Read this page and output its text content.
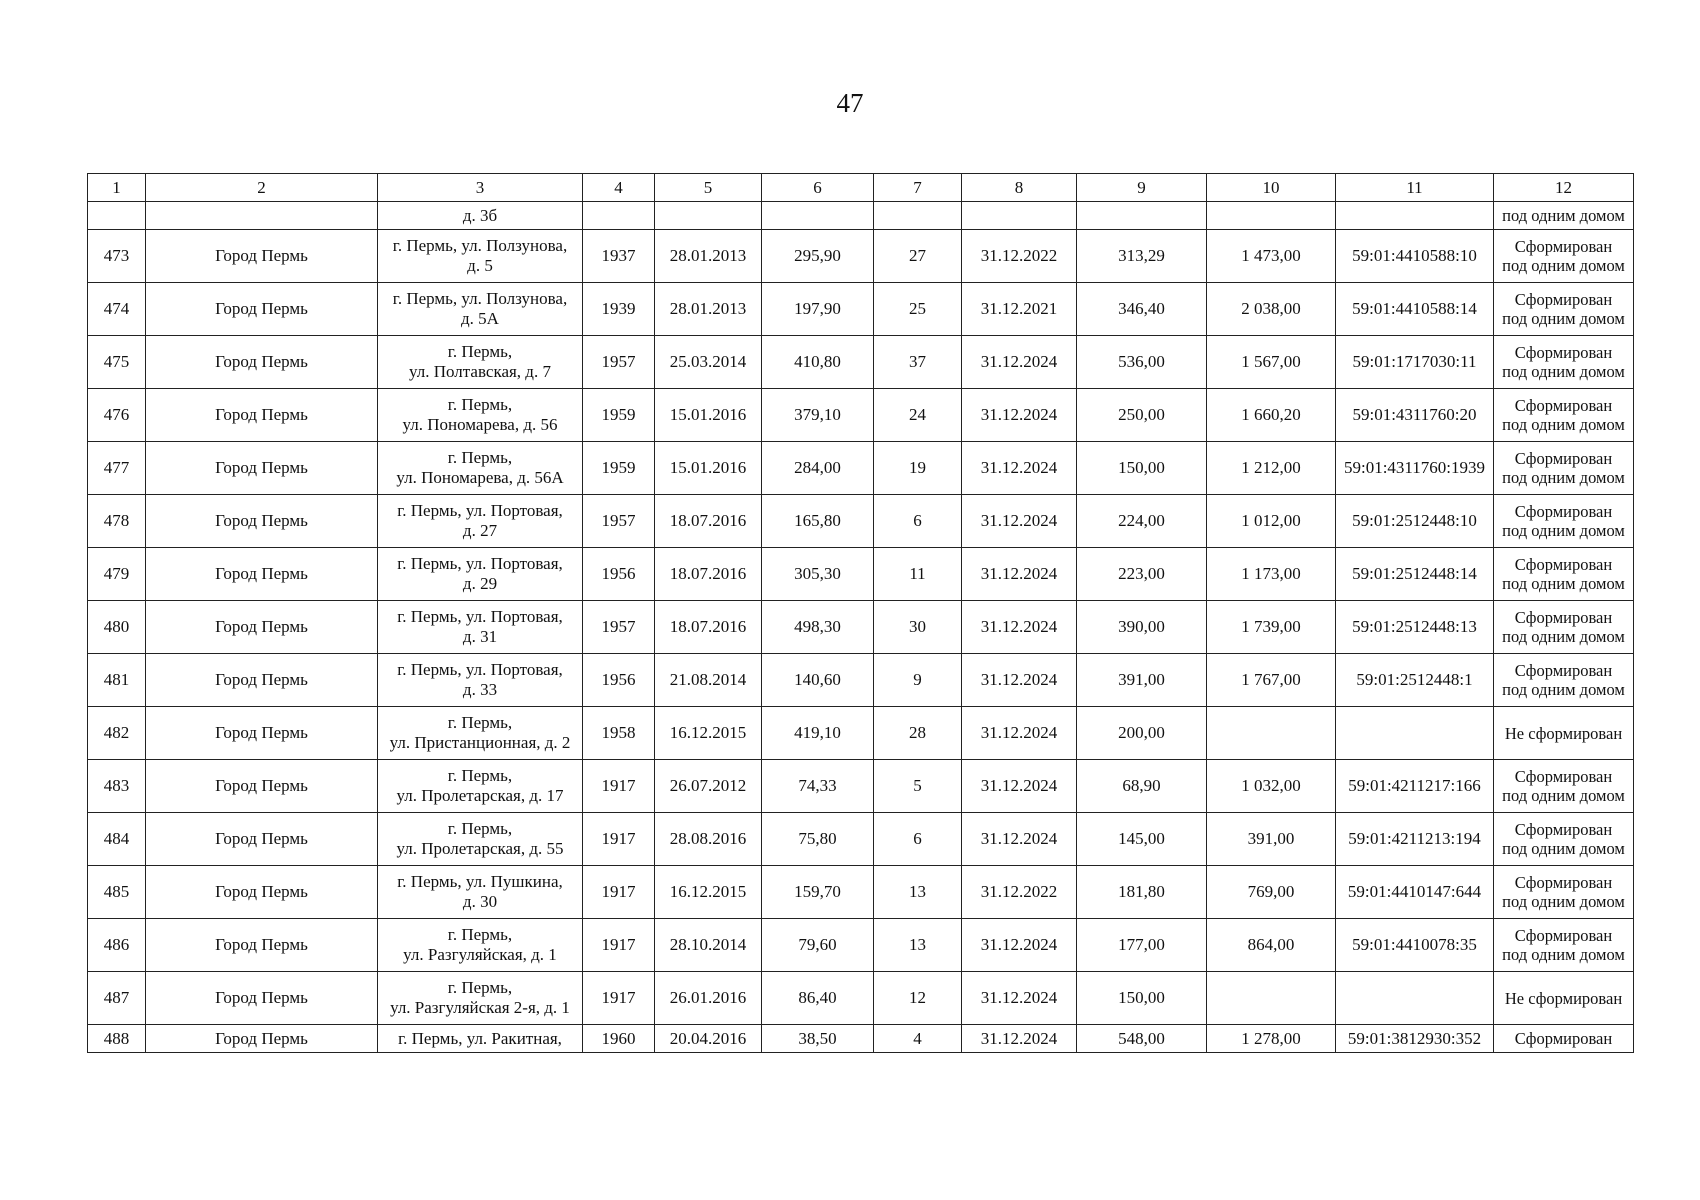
47
1	2	3	4	5	6	7	8	9	10	11	12
		д. 3б									под одним домом
473	Город Пермь	г. Пермь, ул. Ползунова,
д. 5	1937	28.01.2013	295,90	27	31.12.2022	313,29	1 473,00	59:01:4410588:10	Сформирован
под одним домом

474	Город Пермь	г. Пермь, ул. Ползунова,
д. 5А	1939	28.01.2013	197,90	25	31.12.2021	346,40	2 038,00	59:01:4410588:14	Сформирован
под одним домом

475	Город Пермь	г. Пермь,
ул. Полтавская, д. 7	1957	25.03.2014	410,80	37	31.12.2024	536,00	1 567,00	59:01:1717030:11	Сформирован
под одним домом

476	Город Пермь	г. Пермь,
ул. Пономарева, д. 56	1959	15.01.2016	379,10	24	31.12.2024	250,00	1 660,20	59:01:4311760:20	Сформирован
под одним домом

477	Город Пермь	г. Пермь,
ул. Пономарева, д. 56А	1959	15.01.2016	284,00	19	31.12.2024	150,00	1 212,00	59:01:4311760:1939	Сформирован
под одним домом

478	Город Пермь	г. Пермь, ул. Портовая,
д. 27	1957	18.07.2016	165,80	6	31.12.2024	224,00	1 012,00	59:01:2512448:10	Сформирован
под одним домом

479	Город Пермь	г. Пермь, ул. Портовая,
д. 29	1956	18.07.2016	305,30	11	31.12.2024	223,00	1 173,00	59:01:2512448:14	Сформирован
под одним домом

480	Город Пермь	г. Пермь, ул. Портовая,
д. 31	1957	18.07.2016	498,30	30	31.12.2024	390,00	1 739,00	59:01:2512448:13	Сформирован
под одним домом

481	Город Пермь	г. Пермь, ул. Портовая,
д. 33	1956	21.08.2014	140,60	9	31.12.2024	391,00	1 767,00	59:01:2512448:1	Сформирован
под одним домом

482	Город Пермь	г. Пермь,
ул. Пристанционная, д. 2	1958	16.12.2015	419,10	28	31.12.2024	200,00			Не сформирован

483	Город Пермь	г. Пермь,
ул. Пролетарская, д. 17	1917	26.07.2012	74,33	5	31.12.2024	68,90	1 032,00	59:01:4211217:166	Сформирован
под одним домом

484	Город Пермь	г. Пермь,
ул. Пролетарская, д. 55	1917	28.08.2016	75,80	6	31.12.2024	145,00	391,00	59:01:4211213:194	Сформирован
под одним домом

485	Город Пермь	г. Пермь, ул. Пушкина,
д. 30	1917	16.12.2015	159,70	13	31.12.2022	181,80	769,00	59:01:4410147:644	Сформирован
под одним домом

486	Город Пермь	г. Пермь,
ул. Разгуляйская, д. 1	1917	28.10.2014	79,60	13	31.12.2024	177,00	864,00	59:01:4410078:35	Сформирован
под одним домом

487	Город Пермь	г. Пермь,
ул. Разгуляйская 2-я, д. 1	1917	26.01.2016	86,40	12	31.12.2024	150,00			Не сформирован

488	Город Пермь	г. Пермь, ул. Ракитная,	1960	20.04.2016	38,50	4	31.12.2024	548,00	1 278,00	59:01:3812930:352	Сформирован
